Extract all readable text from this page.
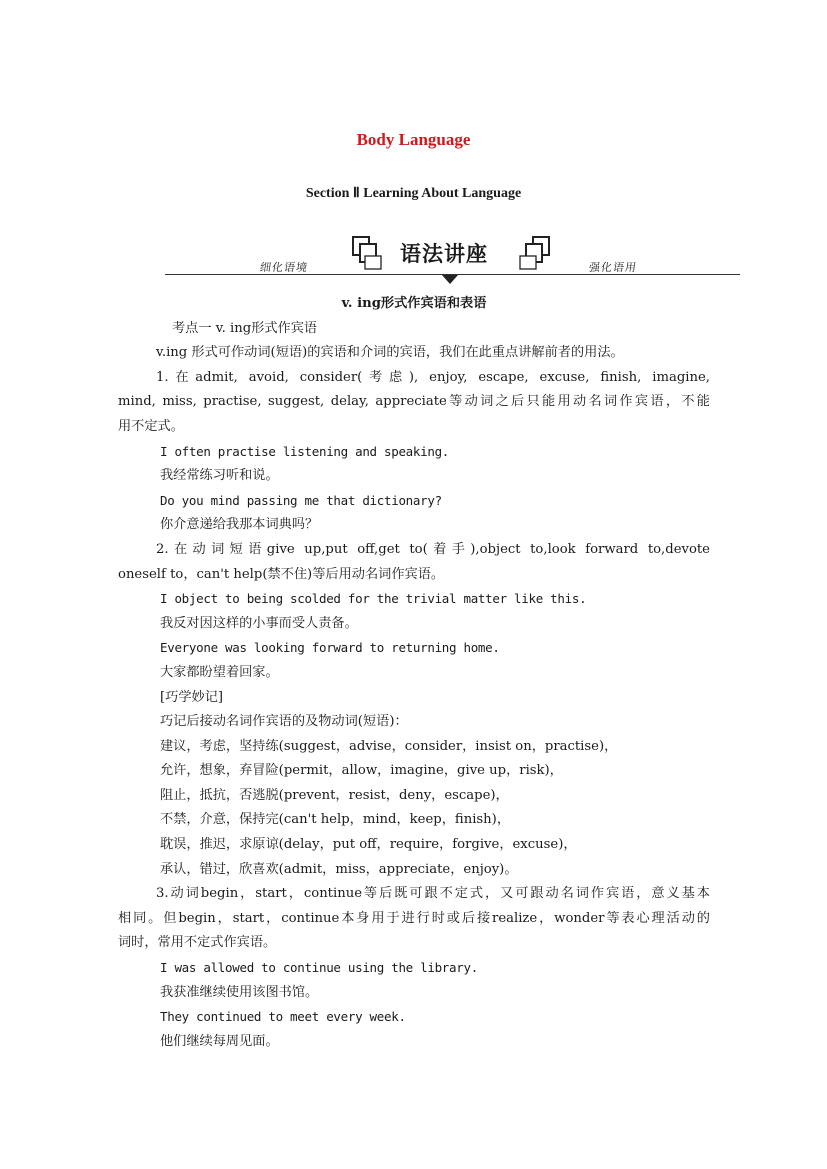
Body Language
Section Ⅱ Learning About Language
细化语境
语法讲座
强化语用
v. ing形式作宾语和表语
考点一 v. ing形式作宾语
v.ing 形式可作动词(短语)的宾语和介词的宾语，我们在此重点讲解前者的用法。
1.在admit, avoid, consider(考虑), enjoy, escape, excuse, finish, imagine,
mind, miss, practise, suggest, delay, appreciate等动词之后只能用动名词作宾语，不能
用不定式。
I often practise listening and speaking.
我经常练习听和说。
Do you mind passing me that dictionary?
你介意递给我那本词典吗？
2.在动词短语give up,put off,get to(着手),object to,look forward to,devote
oneself to，can't help(禁不住)等后用动名词作宾语。
I object to being scolded for the trivial matter like this.
我反对因这样的小事而受人责备。
Everyone was looking forward to returning home.
大家都盼望着回家。
[巧学妙记]
巧记后接动名词作宾语的及物动词(短语)：
建议，考虑，坚持练(suggest，advise，consider，insist on，practise)，
允许，想象，弃冒险(permit，allow，imagine，give up，risk)，
阻止，抵抗，否逃脱(prevent，resist，deny，escape)，
不禁，介意，保持完(can't help，mind，keep，finish)，
耽误，推迟，求原谅(delay，put off，require，forgive，excuse)，
承认，错过，欣喜欢(admit，miss，appreciate，enjoy)。
3.动词begin，start，continue等后既可跟不定式，又可跟动名词作宾语，意义基本
相同。但begin，start，continue本身用于进行时或后接realize，wonder等表心理活动的
词时，常用不定式作宾语。
I was allowed to continue using the library.
我获准继续使用该图书馆。
They continued to meet every week.
他们继续每周见面。
